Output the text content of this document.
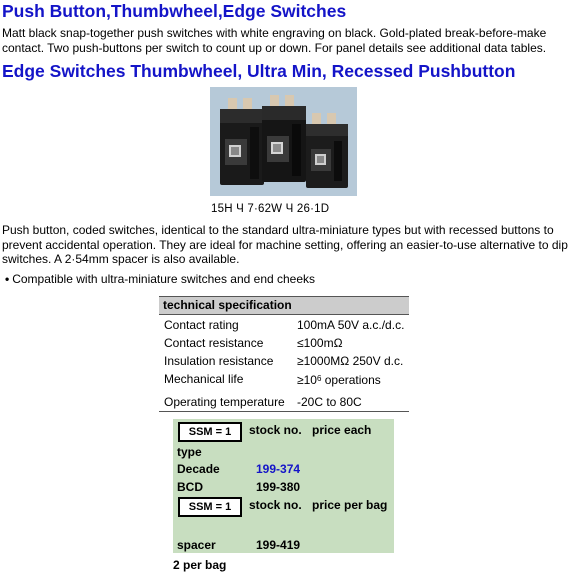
Push Button,Thumbwheel,Edge Switches
Matt black snap-together push switches with white engraving on black. Gold-plated break-before-make contact. Two push-buttons per switch to count up or down. For panel details see additional data tables.
Edge Switches Thumbwheel, Ultra Min, Recessed Pushbutton
15H Ч 7·62W Ч 26·1D
Push button, coded switches, identical to the standard ultra-miniature types but with recessed buttons to prevent accidental operation. They are ideal for machine setting, offering an easier-to-use alternative to dip switches. A 2·54mm spacer is also available.
• Compatible with ultra-miniature switches and end cheeks
technical specification
Contact rating	100mA 50V a.c./d.c.
Contact resistance	≤100mΩ
Insulation resistance ≥1000MΩ 250V d.c.
Mechanical life	$\ge 10^6$ operations
Operating temperature -20C to 80C
SSM = 1	stock no. price each
type
Decade	199-374
BCD	199-380
SSM = 1	stock no. price per bag
spacer	199-419
2 per bag
